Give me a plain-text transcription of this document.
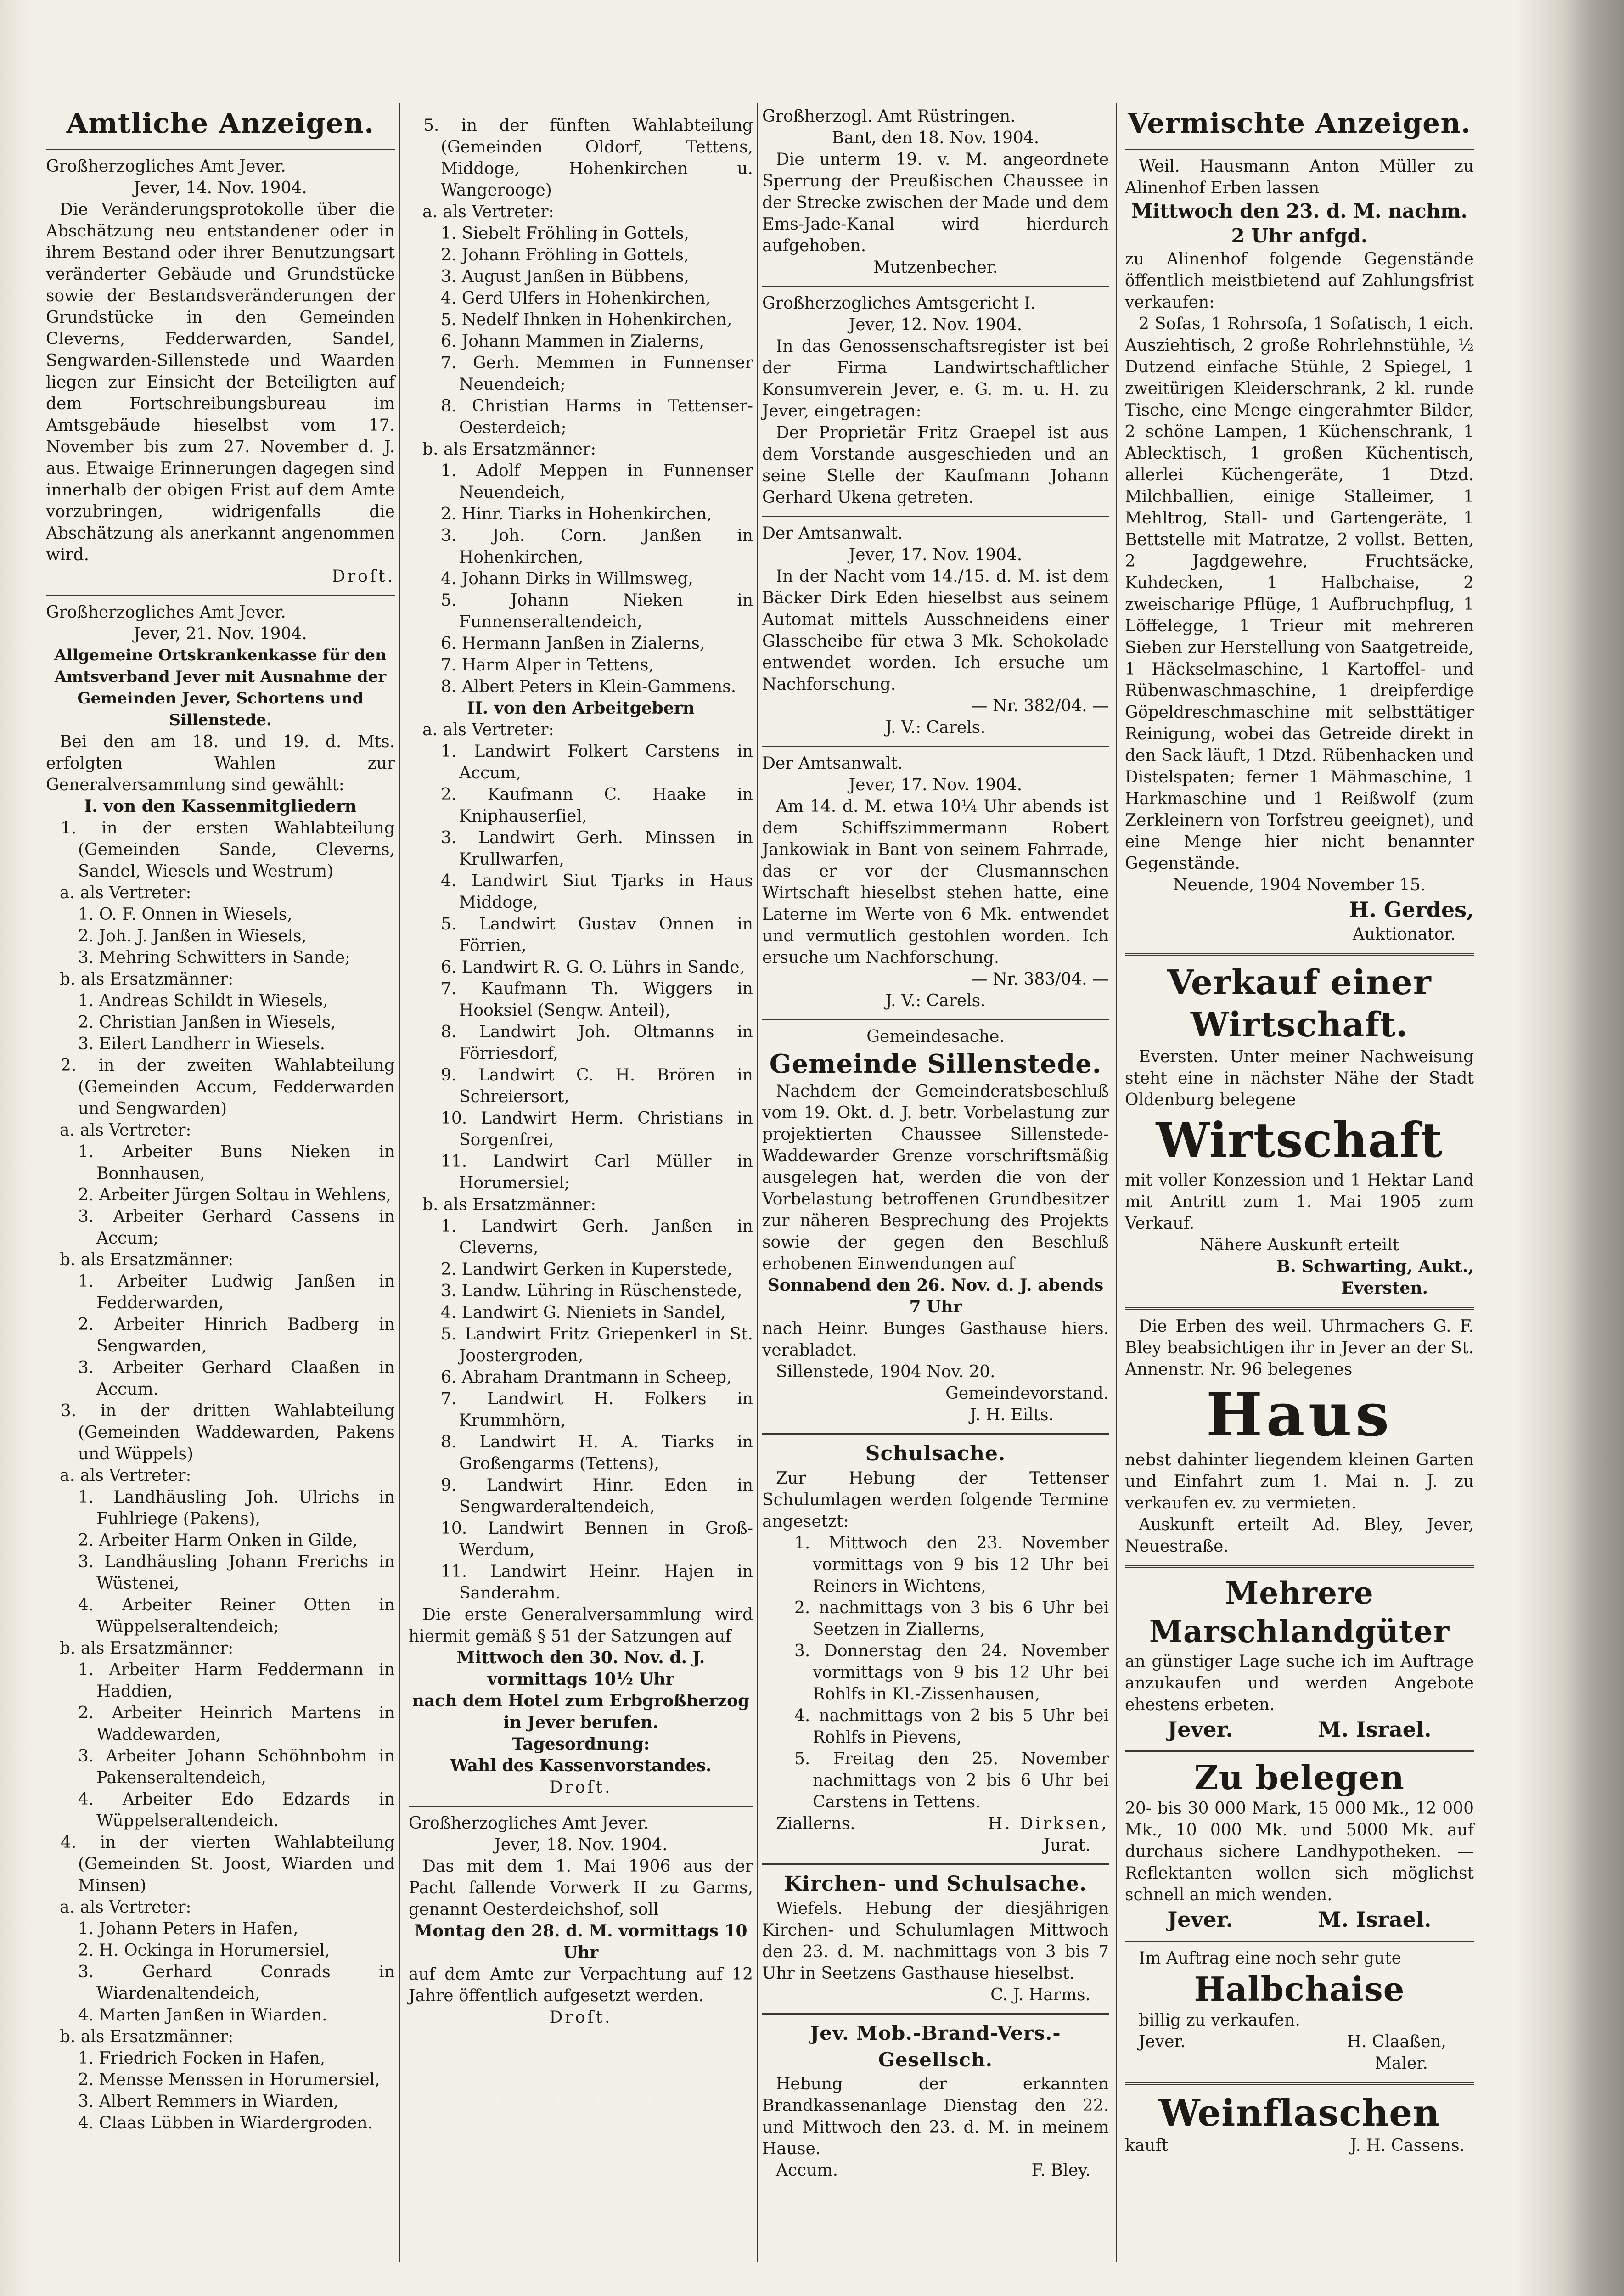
Amtliche Anzeigen.

Großherzogliches Amt Jever.

Jever, 14. Nov. 1904.

Die Veränderungsprotokolle über die Abschätzung neu entstandener oder in ihrem Bestand oder ihrer Benutzungsart veränderter Gebäude und Grundstücke sowie der Bestandsveränderungen der Grundstücke in den Gemeinden Cleverns, Fedderwarden, Sandel, Sengwarden-Sillenstede und Waarden liegen zur Einsicht der Beteiligten auf dem Fortschreibungsbureau im Amtsgebäude hieselbst vom 17. November bis zum 27. November d. J. aus. Etwaige Erinnerungen dagegen sind innerhalb der obigen Frist auf dem Amte vorzubringen, widrigenfalls die Abschätzung als anerkannt angenommen wird.

Droſt.

Großherzogliches Amt Jever.

Jever, 21. Nov. 1904.

Allgemeine Ortskrankenkasse für den Amtsverband Jever mit Ausnahme der Gemeinden Jever, Schortens und Sillenstede.

Bei den am 18. und 19. d. Mts. erfolgten Wahlen zur Generalversammlung sind gewählt:

I. von den Kassenmitgliedern

1. in der ersten Wahlabteilung (Gemeinden Sande, Cleverns, Sandel, Wiesels und Westrum)

a. als Vertreter:

1. O. F. Onnen in Wiesels,

2. Joh. J. Janßen in Wiesels,

3. Mehring Schwitters in Sande;

b. als Ersatzmänner:

1. Andreas Schildt in Wiesels,

2. Christian Janßen in Wiesels,

3. Eilert Landherr in Wiesels.

2. in der zweiten Wahlabteilung (Gemeinden Accum, Fedderwarden und Sengwarden)

a. als Vertreter:

1. Arbeiter Buns Nieken in Bonnhausen,

2. Arbeiter Jürgen Soltau in Wehlens,

3. Arbeiter Gerhard Cassens in Accum;

b. als Ersatzmänner:

1. Arbeiter Ludwig Janßen in Fedderwarden,

2. Arbeiter Hinrich Badberg in Sengwarden,

3. Arbeiter Gerhard Claaßen in Accum.

3. in der dritten Wahlabteilung (Gemeinden Waddewarden, Pakens und Wüppels)

a. als Vertreter:

1. Landhäusling Joh. Ulrichs in Fuhlriege (Pakens),

2. Arbeiter Harm Onken in Gilde,

3. Landhäusling Johann Frerichs in Wüstenei,

4. Arbeiter Reiner Otten in Wüppelseraltendeich;

b. als Ersatzmänner:

1. Arbeiter Harm Feddermann in Haddien,

2. Arbeiter Heinrich Martens in Waddewarden,

3. Arbeiter Johann Schöhnbohm in Pakenseraltendeich,

4. Arbeiter Edo Edzards in Wüppelseraltendeich.

4. in der vierten Wahlabteilung (Gemeinden St. Joost, Wiarden und Minsen)

a. als Vertreter:

1. Johann Peters in Hafen,

2. H. Ockinga in Horumersiel,

3. Gerhard Conrads in Wiardenaltendeich,

4. Marten Janßen in Wiarden.

b. als Ersatzmänner:

1. Friedrich Focken in Hafen,

2. Mensse Menssen in Horumersiel,

3. Albert Remmers in Wiarden,

4. Claas Lübben in Wiardergroden.

5. in der fünften Wahlabteilung (Gemeinden Oldorf, Tettens, Middoge, Hohenkirchen u. Wangerooge)

a. als Vertreter:

1. Siebelt Fröhling in Gottels,

2. Johann Fröhling in Gottels,

3. August Janßen in Bübbens,

4. Gerd Ulfers in Hohenkirchen,

5. Nedelf Ihnken in Hohenkirchen,

6. Johann Mammen in Zialerns,

7. Gerh. Memmen in Funnenser Neuendeich;

8. Christian Harms in Tettenser-Oesterdeich;

b. als Ersatzmänner:

1. Adolf Meppen in Funnenser Neuendeich,

2. Hinr. Tiarks in Hohenkirchen,

3. Joh. Corn. Janßen in Hohenkirchen,

4. Johann Dirks in Willmsweg,

5. Johann Nieken in Funnenseraltendeich,

6. Hermann Janßen in Zialerns,

7. Harm Alper in Tettens,

8. Albert Peters in Klein-Gammens.

II. von den Arbeitgebern

a. als Vertreter:

1. Landwirt Folkert Carstens in Accum,

2. Kaufmann C. Haake in Kniphauserſiel,

3. Landwirt Gerh. Minssen in Krullwarfen,

4. Landwirt Siut Tjarks in Haus Middoge,

5. Landwirt Gustav Onnen in Förrien,

6. Landwirt R. G. O. Lührs in Sande,

7. Kaufmann Th. Wiggers in Hooksiel (Sengw. Anteil),

8. Landwirt Joh. Oltmanns in Förriesdorf,

9. Landwirt C. H. Brören in Schreiersort,

10. Landwirt Herm. Christians in Sorgenfrei,

11. Landwirt Carl Müller in Horumersiel;

b. als Ersatzmänner:

1. Landwirt Gerh. Janßen in Cleverns,

2. Landwirt Gerken in Kuperstede,

3. Landw. Lühring in Rüschenstede,

4. Landwirt G. Nieniets in Sandel,

5. Landwirt Fritz Griepenkerl in St. Joostergroden,

6. Abraham Drantmann in Scheep,

7. Landwirt H. Folkers in Krummhörn,

8. Landwirt H. A. Tiarks in Großengarms (Tettens),

9. Landwirt Hinr. Eden in Sengwarderaltendeich,

10. Landwirt Bennen in Groß-Werdum,

11. Landwirt Heinr. Hajen in Sanderahm.

Die erste Generalversammlung wird hiermit gemäß § 51 der Satzungen auf

Mittwoch den 30. Nov. d. J. vormittags 10½ Uhr

nach dem Hotel zum Erbgroßherzog in Jever berufen.

Tagesordnung:

Wahl des Kassenvorstandes.

Droſt.

Großherzogliches Amt Jever.

Jever, 18. Nov. 1904.

Das mit dem 1. Mai 1906 aus der Pacht fallende Vorwerk II zu Garms, genannt Oesterdeichshof, soll

Montag den 28. d. M. vormittags 10 Uhr

auf dem Amte zur Verpachtung auf 12 Jahre öffentlich aufgesetzt werden.

Droſt.

Großherzogl. Amt Rüstringen.

Bant, den 18. Nov. 1904.

Die unterm 19. v. M. angeordnete Sperrung der Preußischen Chaussee in der Strecke zwischen der Made und dem Ems-Jade-Kanal wird hierdurch aufgehoben.

Mutzenbecher.

Großherzogliches Amtsgericht I.

Jever, 12. Nov. 1904.

In das Genossenschaftsregister ist bei der Firma Landwirtschaftlicher Konsumverein Jever, e. G. m. u. H. zu Jever, eingetragen:

Der Proprietär Fritz Graepel ist aus dem Vorstande ausgeschieden und an seine Stelle der Kaufmann Johann Gerhard Ukena getreten.

Der Amtsanwalt.

Jever, 17. Nov. 1904.

In der Nacht vom 14./15. d. M. ist dem Bäcker Dirk Eden hieselbst aus seinem Automat mittels Ausschneidens einer Glasscheibe für etwa 3 Mk. Schokolade entwendet worden. Ich ersuche um Nachforschung.

— Nr. 382/04. —

J. V.: Carels.

Der Amtsanwalt.

Jever, 17. Nov. 1904.

Am 14. d. M. etwa 10¼ Uhr abends ist dem Schiffszimmermann Robert Jankowiak in Bant von seinem Fahrrade, das er vor der Clusmannschen Wirtschaft hieselbst stehen hatte, eine Laterne im Werte von 6 Mk. entwendet und vermutlich gestohlen worden. Ich ersuche um Nachforschung.

— Nr. 383/04. —

J. V.: Carels.

Gemeindesache.

Gemeinde Sillenstede.

Nachdem der Gemeinderatsbeschluß vom 19. Okt. d. J. betr. Vorbelastung zur projektierten Chaussee Sillenstede-Waddewarder Grenze vorschriftsmäßig ausgelegen hat, werden die von der Vorbelastung betroffenen Grundbesitzer zur näheren Besprechung des Projekts sowie der gegen den Beschluß erhobenen Einwendungen auf

Sonnabend den 26. Nov. d. J. abends 7 Uhr

nach Heinr. Bunges Gasthause hiers. verabladet.

Sillenstede, 1904 Nov. 20.

Gemeindevorstand.

J. H. Eilts.

Schulsache.

Zur Hebung der Tettenser Schulumlagen werden folgende Termine angesetzt:

1. Mittwoch den 23. November vormittags von 9 bis 12 Uhr bei Reiners in Wichtens,

2. nachmittags von 3 bis 6 Uhr bei Seetzen in Ziallerns,

3. Donnerstag den 24. November vormittags von 9 bis 12 Uhr bei Rohlfs in Kl.-Zissenhausen,

4. nachmittags von 2 bis 5 Uhr bei Rohlfs in Pievens,

5. Freitag den 25. November nachmittags von 2 bis 6 Uhr bei Carstens in Tettens.

Ziallerns.	H. Dirksen,

Jurat.

Kirchen- und Schulsache.

Wiefels. Hebung der diesjährigen Kirchen- und Schulumlagen Mittwoch den 23. d. M. nachmittags von 3 bis 7 Uhr in Seetzens Gasthause hieselbst.

C. J. Harms.

Jev. Mob.-Brand-Vers.-Gesellsch.

Hebung der erkannten Brandkassenanlage Dienstag den 22. und Mittwoch den 23. d. M. in meinem Hause.

Accum.	F. Bley.
Vermischte Anzeigen.

Weil. Hausmann Anton Müller zu Alinenhof Erben lassen

Mittwoch den 23. d. M. nachm. 2 Uhr anfgd.

zu Alinenhof folgende Gegenstände öffentlich meistbietend auf Zahlungsfrist verkaufen:

2 Sofas, 1 Rohrsofa, 1 Sofatisch, 1 eich. Ausziehtisch, 2 große Rohrlehnstühle, ½ Dutzend einfache Stühle, 2 Spiegel, 1 zweitürigen Kleiderschrank, 2 kl. runde Tische, eine Menge eingerahmter Bilder, 2 schöne Lampen, 1 Küchenschrank, 1 Ablecktisch, 1 großen Küchentisch, allerlei Küchengeräte, 1 Dtzd. Milchballien, einige Stalleimer, 1 Mehltrog, Stall- und Gartengeräte, 1 Bettstelle mit Matratze, 2 vollst. Betten, 2 Jagdgewehre, Fruchtsäcke, Kuhdecken, 1 Halbchaise, 2 zweischarige Pflüge, 1 Aufbruchpflug, 1 Löffelegge, 1 Trieur mit mehreren Sieben zur Herstellung von Saatgetreide, 1 Häckselmaschine, 1 Kartoffel- und Rübenwaschmaschine, 1 dreipferdige Göpeldreschmaschine mit selbsttätiger Reinigung, wobei das Getreide direkt in den Sack läuft, 1 Dtzd. Rübenhacken und Distelspaten; ferner 1 Mähmaschine, 1 Harkmaschine und 1 Reißwolf (zum Zerkleinern von Torfstreu geeignet), und eine Menge hier nicht benannter Gegenstände.

Neuende, 1904 November 15.

H. Gerdes,

Auktionator.

Verkauf einer
Wirtschaft.

Eversten. Unter meiner Nachweisung steht eine in nächster Nähe der Stadt Oldenburg belegene

Wirtschaft

mit voller Konzession und 1 Hektar Land mit Antritt zum 1. Mai 1905 zum Verkauf.

Nähere Auskunft erteilt

B. Schwarting, Aukt.,

Eversten.

Die Erben des weil. Uhrmachers G. F. Bley beabsichtigen ihr in Jever an der St. Annenstr. Nr. 96 belegenes

Haus

nebst dahinter liegendem kleinen Garten und Einfahrt zum 1. Mai n. J. zu verkaufen ev. zu vermieten.

Auskunft erteilt Ad. Bley, Jever, Neuestraße.

Mehrere
Marschlandgüter

an günstiger Lage suche ich im Auftrage anzukaufen und werden Angebote ehestens erbeten.

Jever.	M. Israel.
Zu belegen

20- bis 30 000 Mark, 15 000 Mk., 12 000 Mk., 10 000 Mk. und 5000 Mk. auf durchaus sichere Landhypotheken. — Reflektanten wollen sich möglichst schnell an mich wenden.

Jever.	M. Israel.

Im Auftrag eine noch sehr gute

Halbchaise

billig zu verkaufen.

Jever.	H. Claaßen,

Maler.

Weinflaschen
kauft	J. H. Cassens.
